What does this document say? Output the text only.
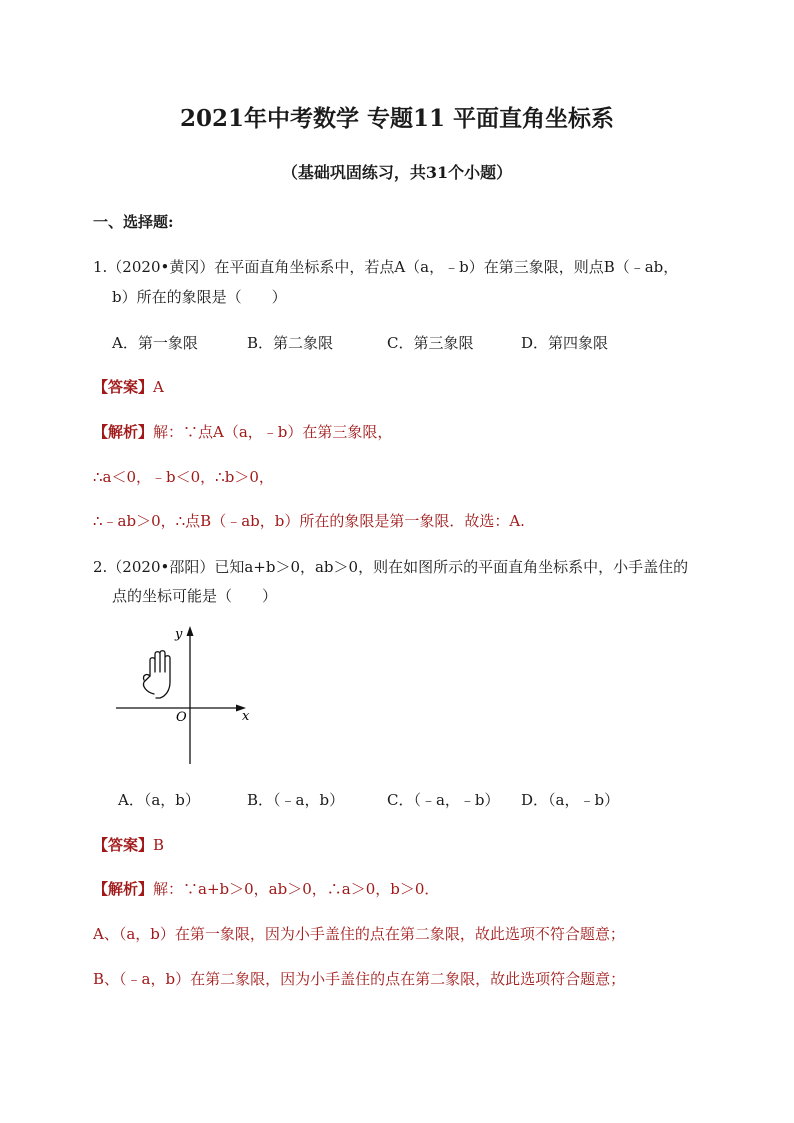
2021年中考数学 专题11 平面直角坐标系
（基础巩固练习，共31个小题）
一、选择题:
1.（2020•黄冈）在平面直角坐标系中，若点A（a，﹣b）在第三象限，则点B（﹣ab，
b）所在的象限是（　　）
A．第一象限	B．第二象限	C．第三象限	D．第四象限
【答案】A
【解析】解：∵点A（a，﹣b）在第三象限，
∴a＜0，﹣b＜0，∴b＞0，
∴﹣ab＞0，∴点B（﹣ab，b）所在的象限是第一象限．故选：A.
2.（2020•邵阳）已知a+b＞0，ab＞0，则在如图所示的平面直角坐标系中，小手盖住的
点的坐标可能是（　　）
y
x
O
A．（a，b）	B．（﹣a，b）	C．（﹣a，﹣b） D．（a，﹣b）
【答案】B
【解析】解：∵a+b＞0，ab＞0，∴a＞0，b＞0．
A、（a，b）在第一象限，因为小手盖住的点在第二象限，故此选项不符合题意；
B、（﹣a，b）在第二象限，因为小手盖住的点在第二象限，故此选项符合题意；
